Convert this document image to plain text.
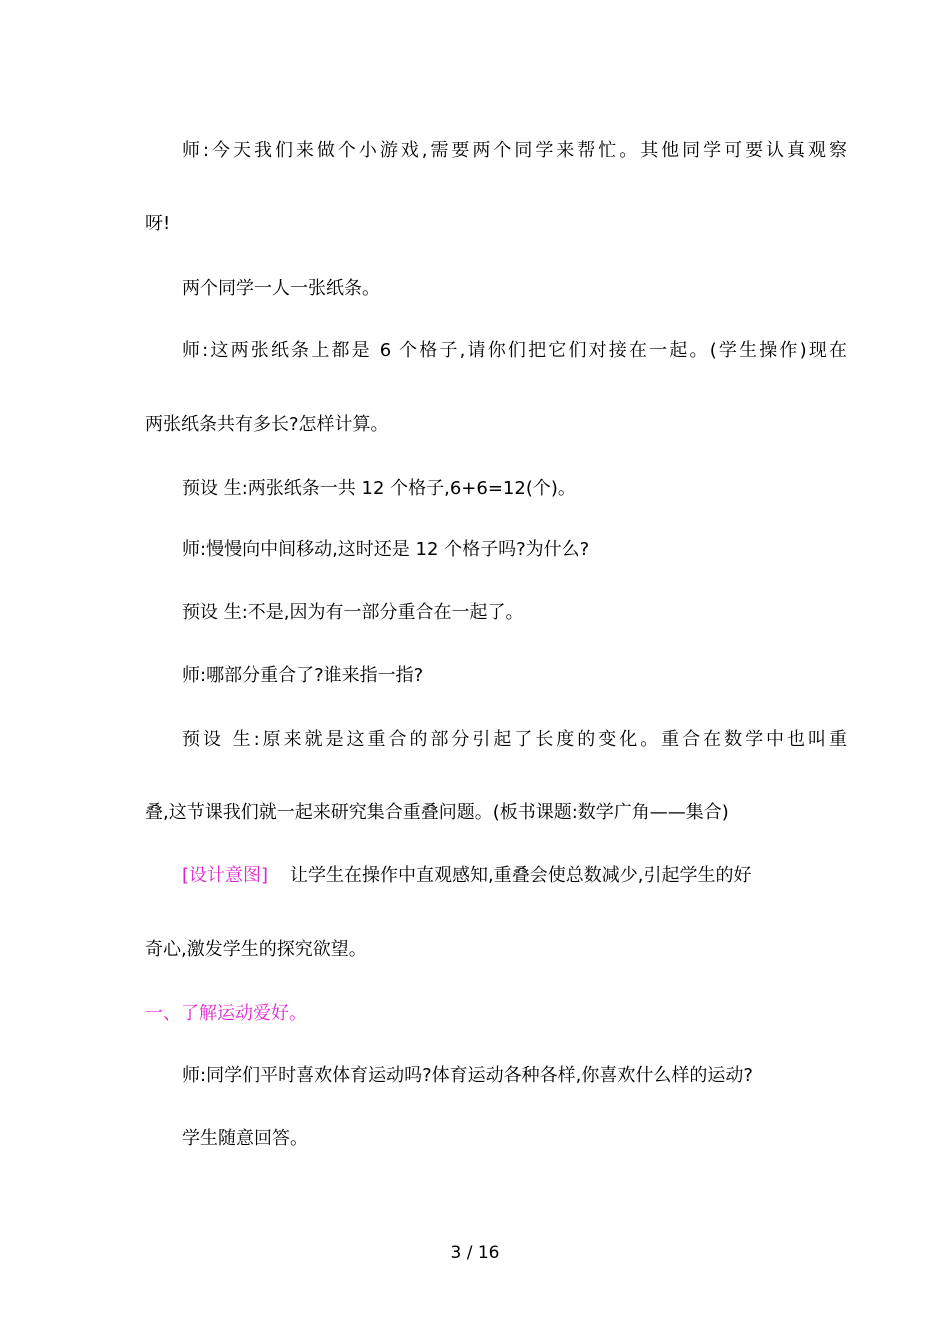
师:今天我们来做个小游戏,需要两个同学来帮忙。其他同学可要认真观察
呀!
两个同学一人一张纸条。
师:这两张纸条上都是 6 个格子,请你们把它们对接在一起。(学生操作)现在
两张纸条共有多长?怎样计算。
预设 生:两张纸条一共 12 个格子,6+6=12(个)。
师:慢慢向中间移动,这时还是 12 个格子吗?为什么?
预设 生:不是,因为有一部分重合在一起了。
师:哪部分重合了?谁来指一指?
预设 生:原来就是这重合的部分引起了长度的变化。重合在数学中也叫重
叠,这节课我们就一起来研究集合重叠问题。(板书课题:数学广角——集合)
[设计意图] 让学生在操作中直观感知,重叠会使总数减少,引起学生的好
奇心,激发学生的探究欲望。
一、了解运动爱好。
师:同学们平时喜欢体育运动吗?体育运动各种各样,你喜欢什么样的运动?
学生随意回答。
3 / 16
